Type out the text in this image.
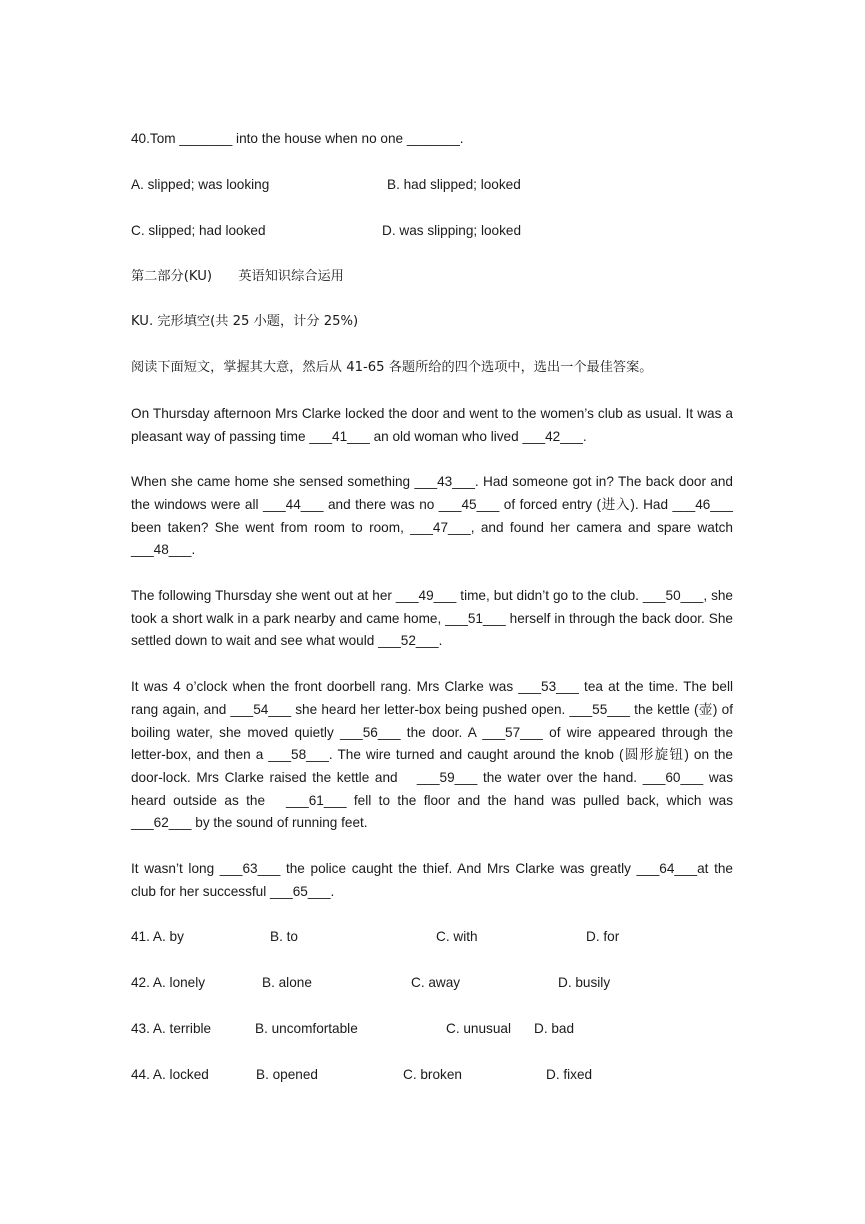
40.Tom _______ into the house when no one _______.

A. slipped; was looking	B. had slipped; looked
C. slipped; had looked	D. was slipping; looked

第二部分(KU)  英语知识综合运用

KU. 完形填空(共 25 小题，计分 25%)

阅读下面短文，掌握其大意，然后从 41-65 各题所给的四个选项中，选出一个最佳答案。

On Thursday afternoon Mrs Clarke locked the door and went to the women’s club as usual. It was a pleasant way of passing time ___41___ an old woman who lived ___42___.

When she came home she sensed something ___43___. Had someone got in? The back door and the windows were all ___44___ and there was no ___45___ of forced entry (进入). Had ___46___ been taken? She went from room to room, ___47___, and found her camera and spare watch ___48___.

The following Thursday she went out at her ___49___ time, but didn’t go to the club. ___50___, she took a short walk in a park nearby and came home, ___51___ herself in through the back door. She settled down to wait and see what would ___52___.

It was 4 o’clock when the front doorbell rang. Mrs Clarke was ___53___ tea at the time. The bell rang again, and ___54___ she heard her letter-box being pushed open. ___55___ the kettle (壶) of boiling water, she moved quietly ___56___ the door. A ___57___ of wire appeared through the letter-box, and then a ___58___. The wire turned and caught around the knob (圆形旋钮) on the door-lock. Mrs Clarke raised the kettle and  ___59___ the water over the hand. ___60___ was heard outside as the  ___61___ fell to the floor and the hand was pulled back, which was ___62___ by the sound of running feet.

It wasn’t long ___63___ the police caught the thief. And Mrs Clarke was greatly ___64___at the club for her successful ___65___.

41. A. by	B. to	C. with	D. for
42. A. lonely	B. alone	C. away	D. busily
43. A. terrible	B. uncomfortable	C. unusual D. bad
44. A. locked	B. opened	C. broken	D. fixed
